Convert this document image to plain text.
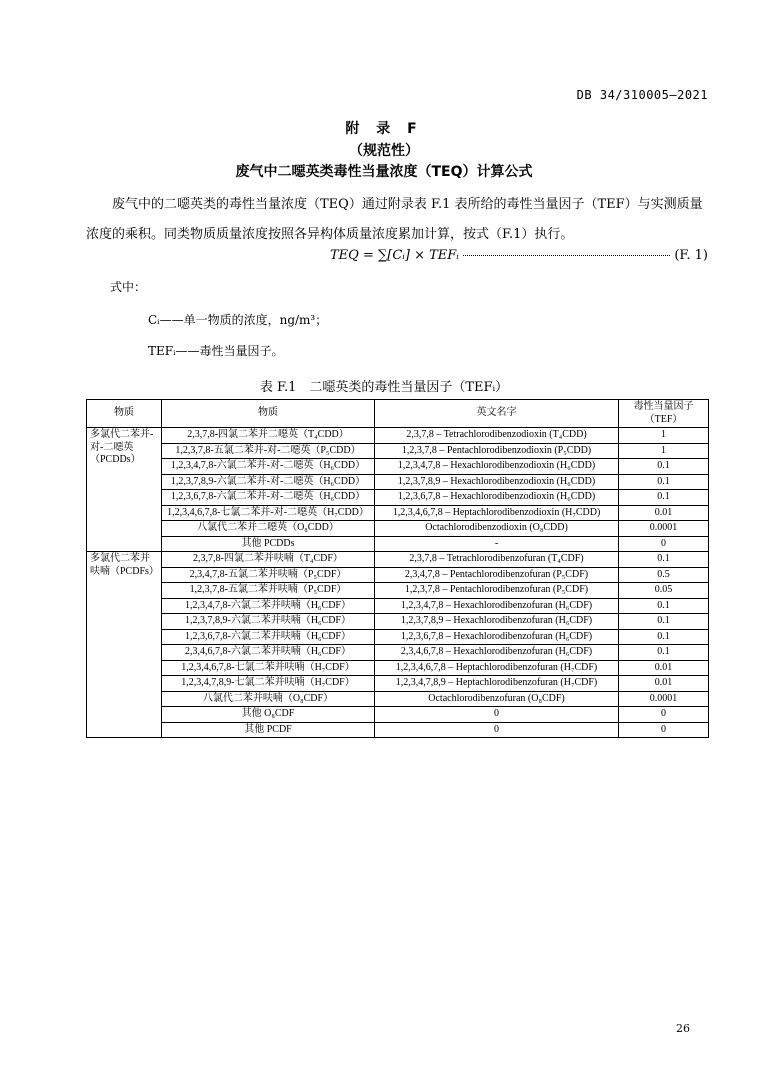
DB 34/310005—2021
附 录 F
（规范性）
废气中二噁英类毒性当量浓度（TEQ）计算公式
废气中的二噁英类的毒性当量浓度（TEQ）通过附录表 F.1 表所给的毒性当量因子（TEF）与实测质量浓度的乘积。同类物质质量浓度按照各异构体质量浓度累加计算，按式（F.1）执行。
TEQ = ∑[Cᵢ] × TEFᵢ	(F. 1)
式中：
Cᵢ——单一物质的浓度，ng/m³；
TEFᵢ——毒性当量因子。
表 F.1　二噁英类的毒性当量因子（TEFᵢ）
物质	物质	英文名字	毒性当量因子（TEF）
多氯代二苯并-对-二噁英（PCDDs）	2,3,7,8-四氯二苯并二噁英（T₄CDD）	2,3,7,8 – Tetrachlorodibenzodioxin (T₄CDD)	1
	1,2,3,7,8-五氯二苯并-对-二噁英（P₅CDD）	1,2,3,7,8 – Pentachlorodibenzodioxin (P₅CDD)	1
	1,2,3,4,7,8-六氯二苯并-对-二噁英（H₆CDD）	1,2,3,4,7,8 – Hexachlorodibenzodioxin (H₆CDD)	0.1
	1,2,3,7,8,9-六氯二苯并-对-二噁英（H₆CDD）	1,2,3,7,8,9 – Hexachlorodibenzodioxin (H₆CDD)	0.1
	1,2,3,6,7,8-六氯二苯并-对-二噁英（H₆CDD）	1,2,3,6,7,8 – Hexachlorodibenzodioxin (H₆CDD)	0.1
	1,2,3,4,6,7,8-七氯二苯并-对-二噁英（H₇CDD）	1,2,3,4,6,7,8 – Heptachlorodibenzodioxin (H₇CDD)	0.01
	八氯代二苯并二噁英（O₈CDD）	Octachlorodibenzodioxin (O₈CDD)	0.0001
	其他 PCDDs	-	0
多氯代二苯并呋喃（PCDFs）	2,3,7,8-四氯二苯并呋喃（T₄CDF）	2,3,7,8 – Tetrachlorodibenzofuran (T₄CDF)	0.1
	2,3,4,7,8-五氯二苯并呋喃（P₅CDF）	2,3,4,7,8 – Pentachlorodibenzofuran (P₅CDF)	0.5
	1,2,3,7,8-五氯二苯并呋喃（P₅CDF）	1,2,3,7,8 – Pentachlorodibenzofuran (P₅CDF)	0.05
	1,2,3,4,7,8-六氯二苯并呋喃（H₆CDF）	1,2,3,4,7,8 – Hexachlorodibenzofuran (H₆CDF)	0.1
	1,2,3,7,8,9-六氯二苯并呋喃（H₆CDF）	1,2,3,7,8,9 – Hexachlorodibenzofuran (H₆CDF)	0.1
	1,2,3,6,7,8-六氯二苯并呋喃（H₆CDF）	1,2,3,6,7,8 – Hexachlorodibenzofuran (H₆CDF)	0.1
	2,3,4,6,7,8-六氯二苯并呋喃（H₆CDF）	2,3,4,6,7,8 – Hexachlorodibenzofuran (H₆CDF)	0.1
	1,2,3,4,6,7,8-七氯二苯并呋喃（H₇CDF）	1,2,3,4,6,7,8 – Heptachlorodibenzofuran (H₇CDF)	0.01
	1,2,3,4,7,8,9-七氯二苯并呋喃（H₇CDF）	1,2,3,4,7,8,9 – Heptachlorodibenzofuran (H₇CDF)	0.01
	八氯代二苯并呋喃（O₈CDF）	Octachlorodibenzofuran (O₈CDF)	0.0001
	其他 O₈CDF	0	0
	其他 PCDF	0	0
26
